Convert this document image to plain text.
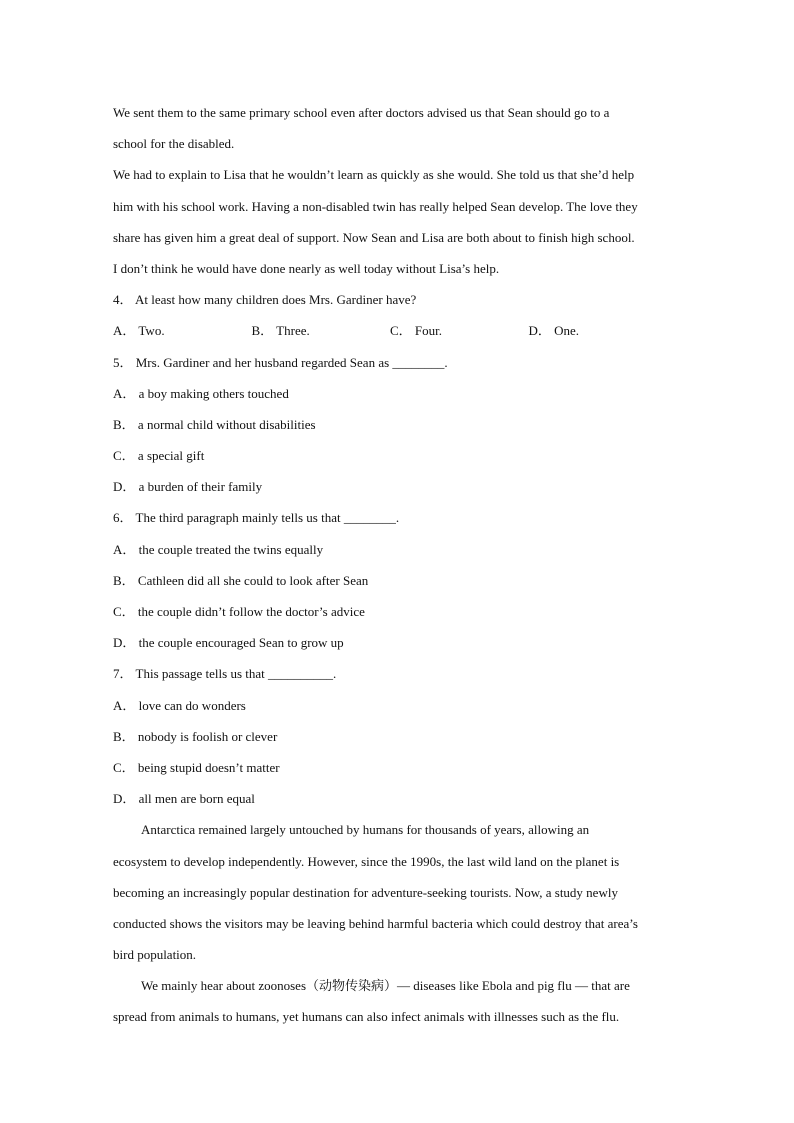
We sent them to the same primary school even after doctors advised us that Sean should go to a
school for the disabled.
We had to explain to Lisa that he wouldn’t learn as quickly as she would. She told us that she’d help
him with his school work. Having a non-disabled twin has really helped Sean develop. The love they
share has given him a great deal of support. Now Sean and Lisa are both about to finish high school.
I don’t think he would have done nearly as well today without Lisa’s help.
4． At least how many children does Mrs. Gardiner have?
A． Two.	B． Three.	C． Four.	D． One.
5． Mrs. Gardiner and her husband regarded Sean as ________.
A． a boy making others touched
B． a normal child without disabilities
C． a special gift
D． a burden of their family
6． The third paragraph mainly tells us that ________.
A． the couple treated the twins equally
B． Cathleen did all she could to look after Sean
C． the couple didn’t follow the doctor’s advice
D． the couple encouraged Sean to grow up
7． This passage tells us that __________.
A． love can do wonders
B． nobody is foolish or clever
C． being stupid doesn’t matter
D． all men are born equal
Antarctica remained largely untouched by humans for thousands of years, allowing an
ecosystem to develop independently. However, since the 1990s, the last wild land on the planet is
becoming an increasingly popular destination for adventure-seeking tourists. Now, a study newly
conducted shows the visitors may be leaving behind harmful bacteria which could destroy that area’s
bird population.
We mainly hear about zoonoses（动物传染病）— diseases like Ebola and pig flu — that are
spread from animals to humans, yet humans can also infect animals with illnesses such as the flu.
